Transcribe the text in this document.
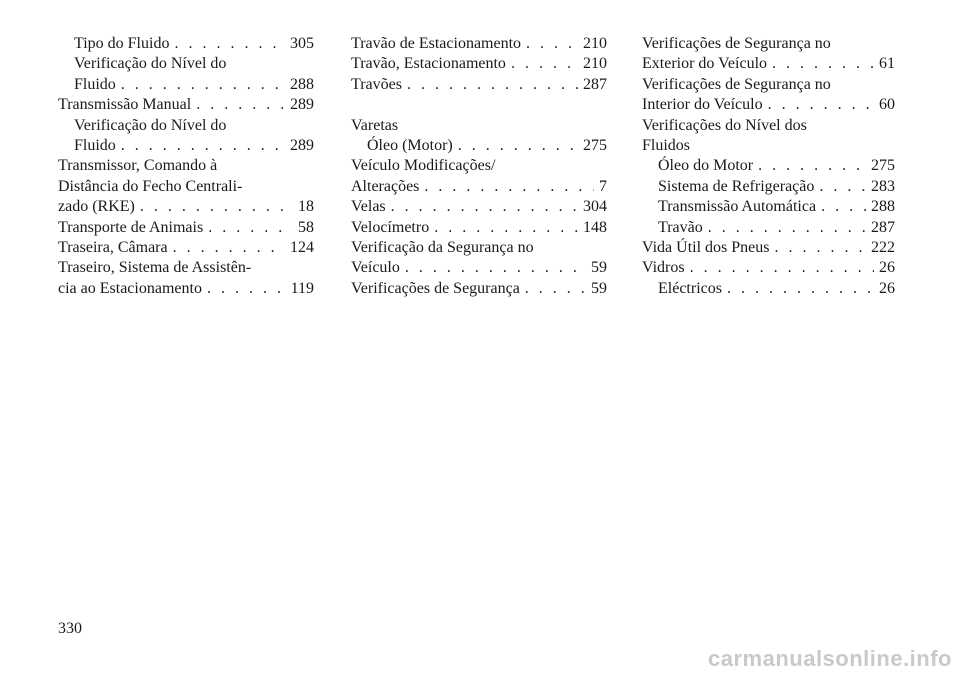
Tipo do Fluido . . .	305
Verificação do Nível do
Fluido . . .	288
Transmissão Manual . . .	289
Verificação do Nível do
Fluido . . .	289
Transmissor, Comando à
Distância do Fecho Centrali-
zado (RKE) . . .	18
Transporte de Animais . . .	58
Traseira, Câmara . . .	124
Traseiro, Sistema de Assistên-
cia ao Estacionamento . . .	119
Travão de Estacionamento . . .	210
Travão, Estacionamento . . .	210
Travões . . .	287
Varetas
Óleo (Motor) . . .	275
Veículo Modificações/
Alterações . . .	7
Velas . . .	304
Velocímetro . . .	148
Verificação da Segurança no
Veículo . . .	59
Verificações de Segurança . . .	59
Verificações de Segurança no
Exterior do Veículo . . .	61
Verificações de Segurança no
Interior do Veículo . . .	60
Verificações do Nível dos
Fluidos
Óleo do Motor . . .	275
Sistema de Refrigeração . . .	283
Transmissão Automática . . .	288
Travão . . .	287
Vida Útil dos Pneus . . .	222
Vidros . . .	26
Eléctricos . . .	26
330
carmanualsonline.info
